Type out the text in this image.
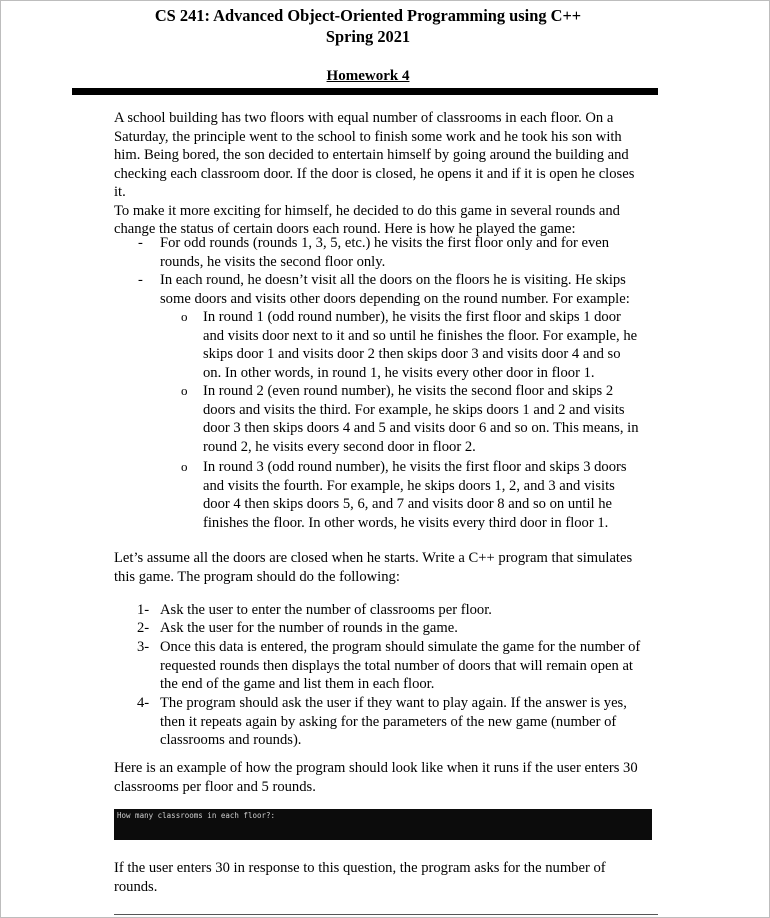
CS 241: Advanced Object-Oriented Programming using C++
Spring 2021
Homework 4
A school building has two floors with equal number of classrooms in each floor. On a
Saturday, the principle went to the school to finish some work and he took his son with
him. Being bored, the son decided to entertain himself by going around the building and
checking each classroom door. If the door is closed, he opens it and if it is open he closes
it.
To make it more exciting for himself, he decided to do this game in several rounds and
change the status of certain doors each round. Here is how he played the game:
- For odd rounds (rounds 1, 3, 5, etc.) he visits the first floor only and for even
rounds, he visits the second floor only.
- In each round, he doesn’t visit all the doors on the floors he is visiting. He skips
some doors and visits other doors depending on the round number. For example:
o In round 1 (odd round number), he visits the first floor and skips 1 door
and visits door next to it and so until he finishes the floor. For example, he
skips door 1 and visits door 2 then skips door 3 and visits door 4 and so
on. In other words, in round 1, he visits every other door in floor 1.
o In round 2 (even round number), he visits the second floor and skips 2
doors and visits the third. For example, he skips doors 1 and 2 and visits
door 3 then skips doors 4 and 5 and visits door 6 and so on. This means, in
round 2, he visits every second door in floor 2.
o In round 3 (odd round number), he visits the first floor and skips 3 doors
and visits the fourth. For example, he skips doors 1, 2, and 3 and visits
door 4 then skips doors 5, 6, and 7 and visits door 8 and so on until he
finishes the floor. In other words, he visits every third door in floor 1.
Let’s assume all the doors are closed when he starts. Write a C++ program that simulates
this game. The program should do the following:
1- Ask the user to enter the number of classrooms per floor.
2- Ask the user for the number of rounds in the game.
3- Once this data is entered, the program should simulate the game for the number of
requested rounds then displays the total number of doors that will remain open at
the end of the game and list them in each floor.
4- The program should ask the user if they want to play again. If the answer is yes,
then it repeats again by asking for the parameters of the new game (number of
classrooms and rounds).
Here is an example of how the program should look like when it runs if the user enters 30
classrooms per floor and 5 rounds.
How many classrooms in each floor?:
If the user enters 30 in response to this question, the program asks for the number of
rounds.
